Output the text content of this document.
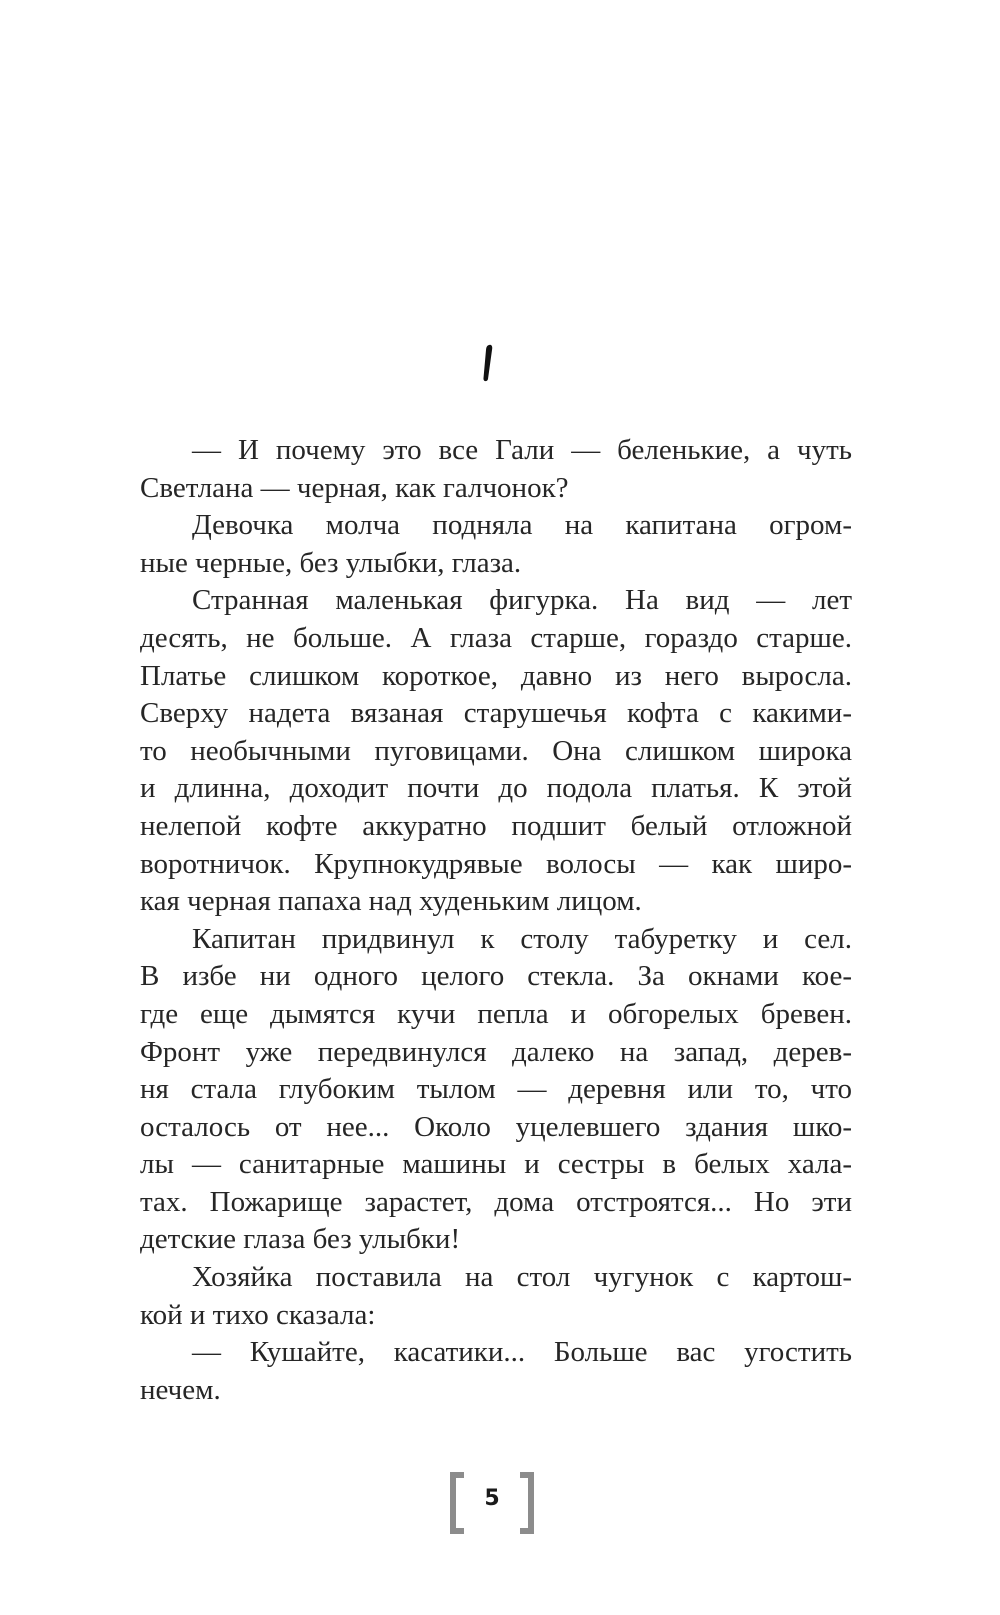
— И почему это все Гали — беленькие, а чуть
Светлана — черная, как галчонок?
Девочка молча подняла на капитана огром-
ные черные, без улыбки, глаза.
Странная маленькая фигурка. На вид — лет
десять, не больше. А глаза старше, гораздо старше.
Платье слишком короткое, давно из него выросла.
Сверху надета вязаная старушечья кофта с какими-
то необычными пуговицами. Она слишком широка
и длинна, доходит почти до подола платья. К этой
нелепой кофте аккуратно подшит белый отложной
воротничок. Крупнокудрявые волосы — как широ-
кая черная папаха над худеньким лицом.
Капитан придвинул к столу табуретку и сел.
В избе ни одного целого стекла. За окнами кое-
где еще дымятся кучи пепла и обгорелых бревен.
Фронт уже передвинулся далеко на запад, дерев-
ня стала глубоким тылом — деревня или то, что
осталось от нее... Около уцелевшего здания шко-
лы — санитарные машины и сестры в белых хала-
тах. Пожарище зарастет, дома отстроятся... Но эти
детские глаза без улыбки!
Хозяйка поставила на стол чугунок с картош-
кой и тихо сказала:
— Кушайте, касатики... Больше вас угостить
нечем.
5
